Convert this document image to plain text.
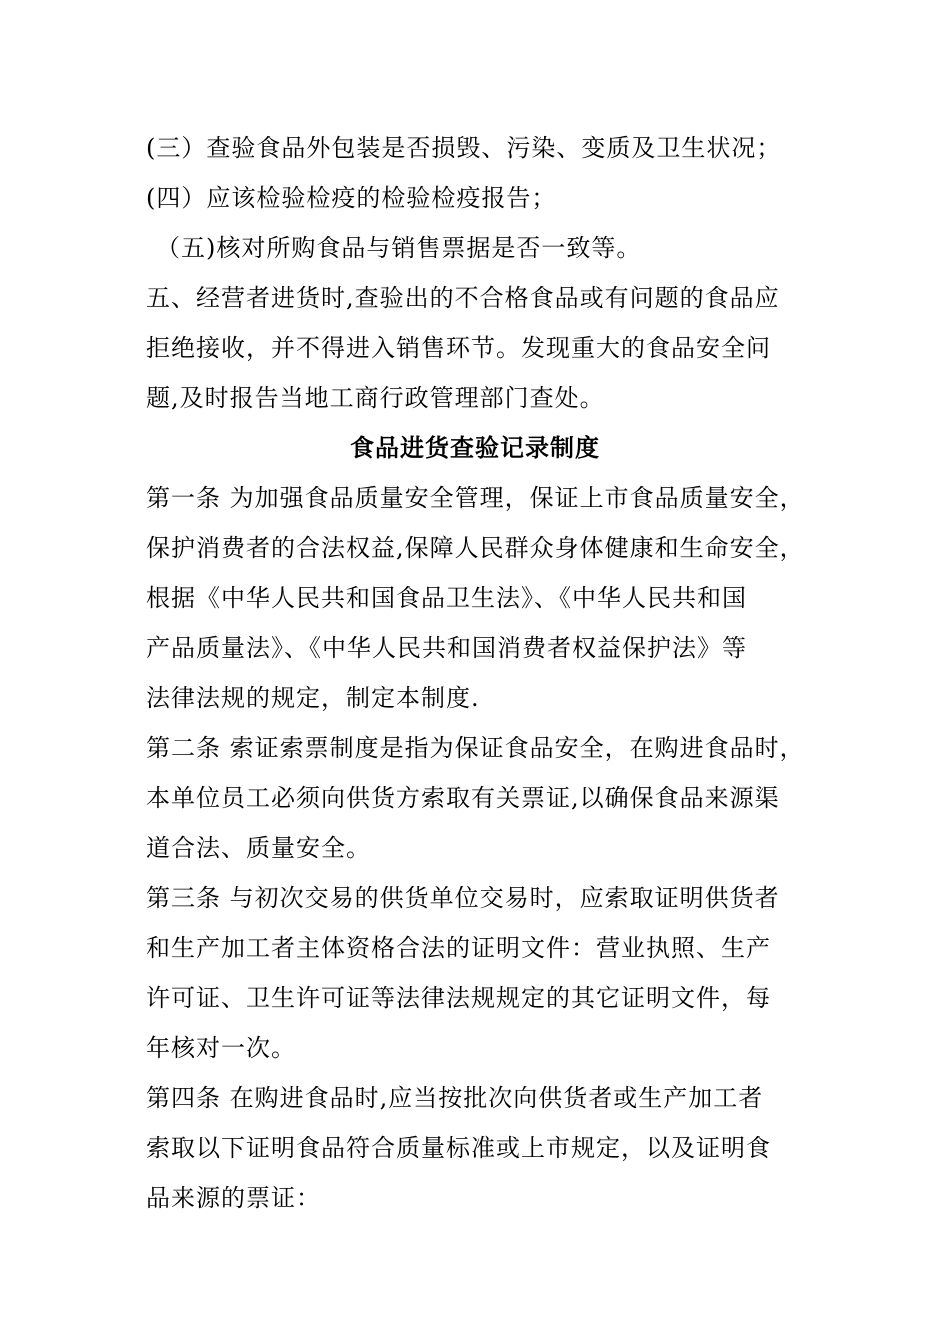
(三）查验食品外包装是否损毁、污染、变质及卫生状况；
(四）应该检验检疫的检验检疫报告；
（五)核对所购食品与销售票据是否一致等。
五、经营者进货时,查验出的不合格食品或有问题的食品应
拒绝接收，并不得进入销售环节。发现重大的食品安全问
题,及时报告当地工商行政管理部门查处。
食品进货查验记录制度
第一条 为加强食品质量安全管理，保证上市食品质量安全，
保护消费者的合法权益,保障人民群众身体健康和生命安全，
根据《中华人民共和国食品卫生法》、《中华人民共和国
产品质量法》、《中华人民共和国消费者权益保护法》等
法律法规的规定，制定本制度.
第二条 索证索票制度是指为保证食品安全，在购进食品时，
本单位员工必须向供货方索取有关票证,以确保食品来源渠
道合法、质量安全。
第三条 与初次交易的供货单位交易时，应索取证明供货者
和生产加工者主体资格合法的证明文件：营业执照、生产
许可证、卫生许可证等法律法规规定的其它证明文件，每
年核对一次。
第四条 在购进食品时,应当按批次向供货者或生产加工者
索取以下证明食品符合质量标准或上市规定，以及证明食
品来源的票证：
